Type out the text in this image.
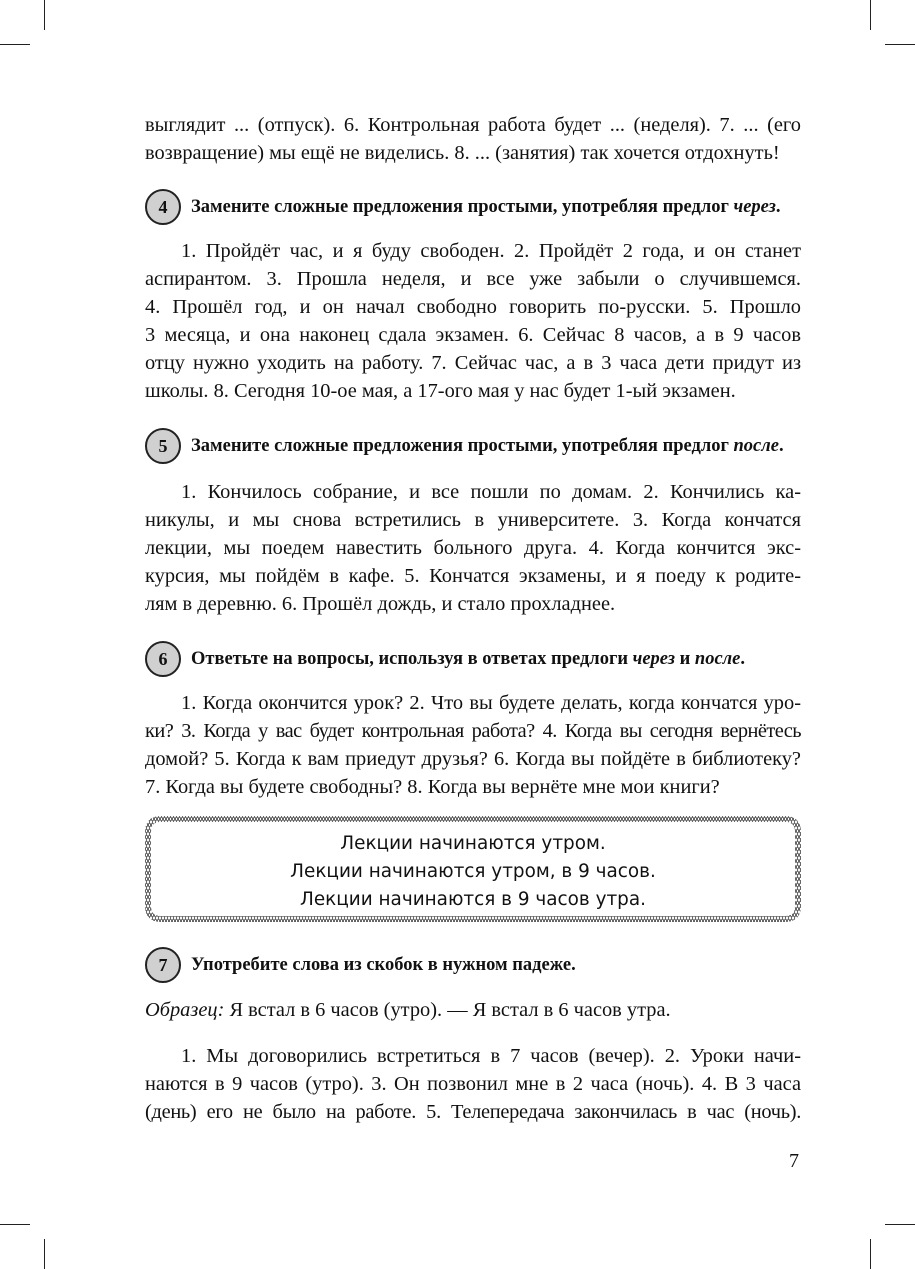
выглядит ... (отпуск). 6. Контрольная работа будет ... (неделя). 7. ... (его
возвращение) мы ещё не виделись. 8. ... (занятия) так хочется отдохнуть!
4	Замените сложные предложения простыми, употребляя предлог через .
1. Пройдёт час, и я буду свободен. 2. Пройдёт 2 года, и он станет
аспирантом. 3. Прошла неделя, и все уже забыли о случившемся.
4. Прошёл год, и он начал свободно говорить по-русски. 5. Прошло
3 месяца, и она наконец сдала экзамен. 6. Сейчас 8 часов, а в 9 часов
отцу нужно уходить на работу. 7. Сейчас час, а в 3 часа дети придут из
школы. 8. Сегодня 10-ое мая, а 17-ого мая у нас будет 1-ый экзамен.
5	Замените сложные предложения простыми, употребляя предлог после .
1. Кончилось собрание, и все пошли по домам. 2. Кончились ка-
никулы, и мы снова встретились в университете. 3. Когда кончатся
лекции, мы поедем навестить больного друга. 4. Когда кончится экс-
курсия, мы пойдём в кафе. 5. Кончатся экзамены, и я поеду к родите-
лям в деревню. 6. Прошёл дождь, и стало прохладнее.
6	Ответьте на вопросы, используя в ответах предлоги через и после .
1. Когда окончится урок? 2. Что вы будете делать, когда кончатся уро-
ки? 3. Когда у вас будет контрольная работа? 4. Когда вы сегодня вернётесь
домой? 5. Когда к вам приедут друзья? 6. Когда вы пойдёте в библиотеку?
7. Когда вы будете свободны? 8. Когда вы вернёте мне мои книги?
Лекции начинаются утром.
Лекции начинаются утром, в 9 часов.
Лекции начинаются в 9 часов утра.
7	Употребите слова из скобок в нужном падеже.
Образец: Я встал в 6 часов (утро). — Я встал в 6 часов утра.
1. Мы договорились встретиться в 7 часов (вечер). 2. Уроки начи-
наются в 9 часов (утро). 3. Он позвонил мне в 2 часа (ночь). 4. В 3 часа
(день) его не было на работе. 5. Телепередача закончилась в час (ночь).
7
